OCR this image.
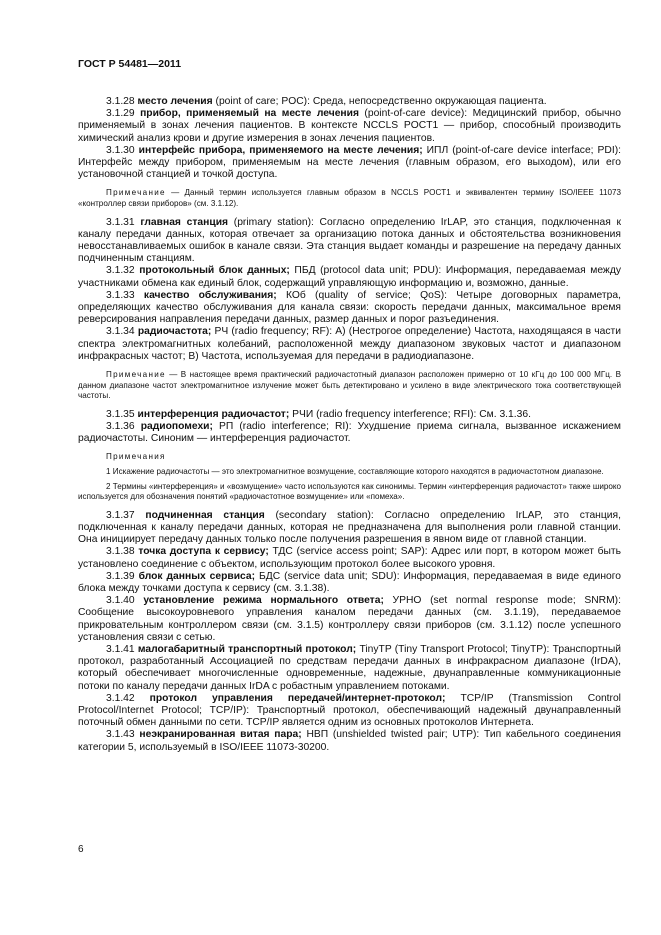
ГОСТ Р 54481—2011

3.1.28 место лечения (point of care; POC): Среда, непосредственно окружающая пациента.

3.1.29 прибор, применяемый на месте лечения (point-of-care device): Медицинский прибор, обычно применяемый в зонах лечения пациентов. В контексте NCCLS POCT1 — прибор, способный производить химический анализ крови и другие измерения в зонах лечения пациентов.

3.1.30 интерфейс прибора, применяемого на месте лечения; ИПЛ (point-of-care device interface; PDI): Интерфейс между прибором, применяемым на месте лечения (главным образом, его выходом), или его установочной станцией и точкой доступа.

Примечание — Данный термин используется главным образом в NCCLS POCT1 и эквивалентен термину ISO/IEEE 11073 «контроллер связи приборов» (см. 3.1.12).

3.1.31 главная станция (primary station): Согласно определению IrLAP, это станция, подключенная к каналу передачи данных, которая отвечает за организацию потока данных и обстоятельства возникновения невосстанавливаемых ошибок в канале связи. Эта станция выдает команды и разрешение на передачу данных подчиненным станциям.

3.1.32 протокольный блок данных; ПБД (protocol data unit; PDU): Информация, передаваемая между участниками обмена как единый блок, содержащий управляющую информацию и, возможно, данные.

3.1.33 качество обслуживания; КОб (quality of service; QoS): Четыре договорных параметра, определяющих качество обслуживания для канала связи: скорость передачи данных, максимальное время реверсирования направления передачи данных, размер данных и порог разъединения.

3.1.34 радиочастота; РЧ (radio frequency; RF): А) (Нестрогое определение) Частота, находящаяся в части спектра электромагнитных колебаний, расположенной между диапазоном звуковых частот и диапазоном инфракрасных частот; В) Частота, используемая для передачи в радиодиапазоне.

Примечание — В настоящее время практический радиочастотный диапазон расположен примерно от 10 кГц до 100 000 МГц. В данном диапазоне частот электромагнитное излучение может быть детектировано и усилено в виде электрического тока соответствующей частоты.

3.1.35 интерференция радиочастот; РЧИ (radio frequency interference; RFI): См. 3.1.36.

3.1.36 радиопомехи; РП (radio interference; RI): Ухудшение приема сигнала, вызванное искажением радиочастоты. Синоним — интерференция радиочастот.

Примечания

1 Искажение радиочастоты — это электромагнитное возмущение, составляющие которого находятся в радиочастотном диапазоне.

2 Термины «интерференция» и «возмущение» часто используются как синонимы. Термин «интерференция радиочастот» также широко используется для обозначения понятий «радиочастотное возмущение» или «помеха».

3.1.37 подчиненная станция (secondary station): Согласно определению IrLAP, это станция, подключенная к каналу передачи данных, которая не предназначена для выполнения роли главной станции. Она инициирует передачу данных только после получения разрешения в явном виде от главной станции.

3.1.38 точка доступа к сервису; ТДС (service access point; SAP): Адрес или порт, в котором может быть установлено соединение с объектом, использующим протокол более высокого уровня.

3.1.39 блок данных сервиса; БДС (service data unit; SDU): Информация, передаваемая в виде единого блока между точками доступа к сервису (см. 3.1.38).

3.1.40 установление режима нормального ответа; УРНО (set normal response mode; SNRM): Сообщение высокоуровневого управления каналом передачи данных (см. 3.1.19), передаваемое прикровательным контроллером связи (см. 3.1.5) контроллеру связи приборов (см. 3.1.12) после успешного установления связи с сетью.

3.1.41 малогабаритный транспортный протокол; TinyTP (Tiny Transport Protocol; TinyTP): Транспортный протокол, разработанный Ассоциацией по средствам передачи данных в инфракрасном диапазоне (IrDA), который обеспечивает многочисленные одновременные, надежные, двунаправленные коммуникационные потоки по каналу передачи данных IrDA с робастным управлением потоками.

3.1.42 протокол управления передачей/интернет-протокол; TCP/IP (Transmission Control Protocol/Internet Protocol; TCP/IP): Транспортный протокол, обеспечивающий надежный двунаправленный поточный обмен данными по сети. TCP/IP является одним из основных протоколов Интернета.

3.1.43 неэкранированная витая пара; НВП (unshielded twisted pair; UTP): Тип кабельного соединения категории 5, используемый в ISO/IEEE 11073-30200.

6
